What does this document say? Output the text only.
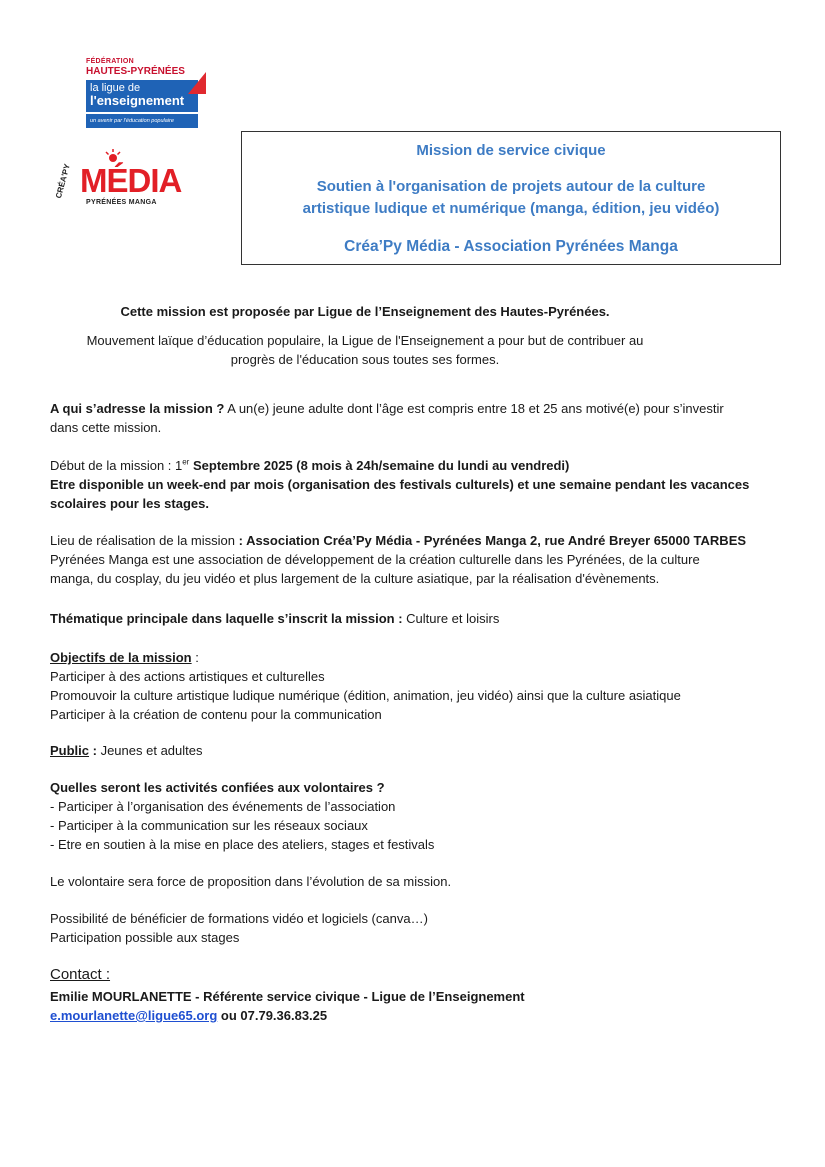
FÉDÉRATION
HAUTES-PYRÉNÉES
la ligue de
l'enseignement
un avenir par l'éducation populaire
CRÉA'PY MÉDIA
PYRÉNÉES MANGA
Mission de service civique
Soutien à l'organisation de projets autour de la culture
artistique ludique et numérique (manga, édition, jeu vidéo)
Créa’Py Média - Association Pyrénées Manga
Cette mission est proposée par Ligue de l’Enseignement des Hautes-Pyrénées.
Mouvement laïque d’éducation populaire, la Ligue de l'Enseignement a pour but de contribuer au
progrès de l'éducation sous toutes ses formes.
A qui s’adresse la mission ? A un(e) jeune adulte dont l’âge est compris entre 18 et 25 ans motivé(e) pour s’investir
dans cette mission.
Début de la mission : 1er Septembre 2025 (8 mois à 24h/semaine du lundi au vendredi)
Etre disponible un week-end par mois (organisation des festivals culturels) et une semaine pendant les vacances
scolaires pour les stages.
Lieu de réalisation de la mission : Association Créa’Py Média - Pyrénées Manga 2, rue André Breyer 65000 TARBES
Pyrénées Manga est une association de développement de la création culturelle dans les Pyrénées, de la culture
manga, du cosplay, du jeu vidéo et plus largement de la culture asiatique, par la réalisation d'évènements.
Thématique principale dans laquelle s’inscrit la mission : Culture et loisirs
Objectifs de la mission :
Participer à des actions artistiques et culturelles
Promouvoir la culture artistique ludique numérique (édition, animation, jeu vidéo) ainsi que la culture asiatique
Participer à la création de contenu pour la communication
Public : Jeunes et adultes
Quelles seront les activités confiées aux volontaires ?
- Participer à l’organisation des événements de l’association
- Participer à la communication sur les réseaux sociaux
- Etre en soutien à la mise en place des ateliers, stages et festivals
Le volontaire sera force de proposition dans l’évolution de sa mission.
Possibilité de bénéficier de formations vidéo et logiciels (canva…)
Participation possible aux stages
Contact :
Emilie MOURLANETTE - Référente service civique - Ligue de l’Enseignement
e.mourlanette@ligue65.org ou 07.79.36.83.25
